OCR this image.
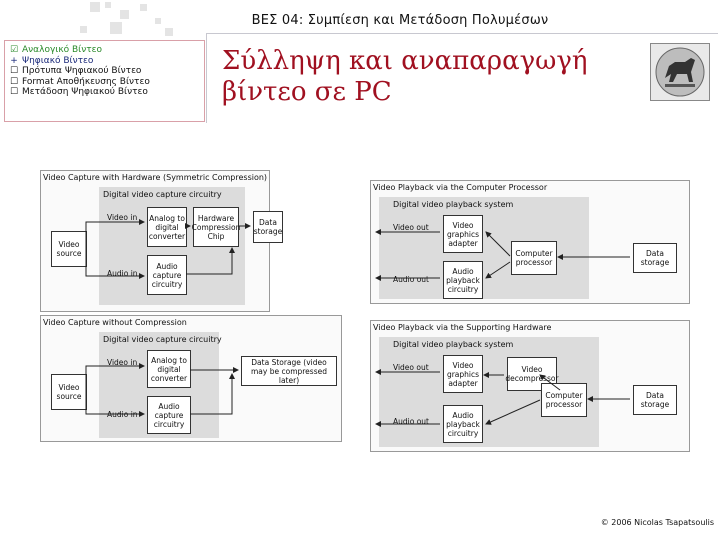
ΒΕΣ 04: Συμπίεση και Μετάδοση Πολυμέσων
☑ Αναλογικό Βίντεο
+ Ψηφιακό Βίντεο
☐ Πρότυπα Ψηφιακού Βίντεο
☐ Format Αποθήκευσης Βίντεο
☐ Μετάδοση Ψηφιακού Βίντεο
Σύλληψη και αναπαραγωγή βίντεο σε PC
Video Capture with Hardware (Symmetric Compression)
Digital video capture circuitry
Video source
Video in
Audio in
Analog to digital converter
Hardware Compression Chip
Audio capture circuitry
Data storage
Video Capture without Compression
Digital video capture circuitry
Video source
Video in
Audio in
Analog to digital converter
Audio capture circuitry
Data Storage (video may be compressed later)
Video Playback via the Computer Processor
Digital video playback system
Video out
Audio out
Video graphics adapter
Audio playback circuitry
Computer processor
Data storage
Video Playback via the Supporting Hardware
Digital video playback system
Video out
Audio out
Video graphics adapter
Video decompressor
Audio playback circuitry
Computer processor
Data storage
© 2006 Nicolas Tsapatsoulis
